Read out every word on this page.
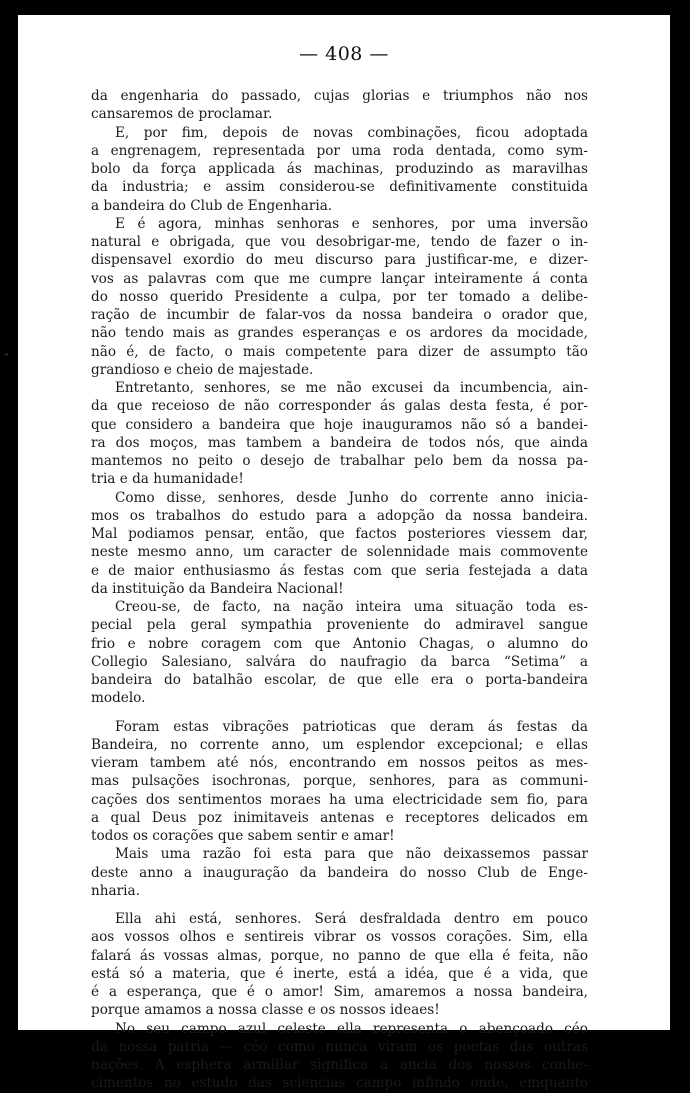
— 408 —
da engenharia do passado, cujas glorias e triumphos não nos
cansaremos de proclamar.
E, por fim, depois de novas combinações, ficou adoptada
a engrenagem, representada por uma roda dentada, como sym-
bolo da força applicada ás machinas, produzindo as maravilhas
da industria; e assim considerou-se definitivamente constituida
a bandeira do Club de Engenharia.
E é agora, minhas senhoras e senhores, por uma inversão
natural e obrigada, que vou desobrigar-me, tendo de fazer o in-
dispensavel exordio do meu discurso para justificar-me, e dizer-
vos as palavras com que me cumpre lançar inteiramente á conta
do nosso querido Presidente a culpa, por ter tomado a delibe-
ração de incumbir de falar-vos da nossa bandeira o orador que,
não tendo mais as grandes esperanças e os ardores da mocidade,
não é, de facto, o mais competente para dizer de assumpto tão
grandioso e cheio de majestade.
Entretanto, senhores, se me não excusei da incumbencia, ain-
da que receioso de não corresponder ás galas desta festa, é por-
que considero a bandeira que hoje inauguramos não só a bandei-
ra dos moços, mas tambem a bandeira de todos nós, que ainda
mantemos no peito o desejo de trabalhar pelo bem da nossa pa-
tria e da humanidade!
Como disse, senhores, desde Junho do corrente anno inicia-
mos os trabalhos do estudo para a adopção da nossa bandeira.
Mal podiamos pensar, então, que factos posteriores viessem dar,
neste mesmo anno, um caracter de solennidade mais commovente
e de maior enthusiasmo ás festas com que seria festejada a data
da instituição da Bandeira Nacional!
Creou-se, de facto, na nação inteira uma situação toda es-
pecial pela geral sympathia proveniente do admiravel sangue
frio e nobre coragem com que Antonio Chagas, o alumno do
Collegio Salesiano, salvára do naufragio da barca “Setima” a
bandeira do batalhão escolar, de que elle era o porta-bandeira
modelo.
Foram estas vibrações patrioticas que deram ás festas da
Bandeira, no corrente anno, um esplendor excepcional; e ellas
vieram tambem até nós, encontrando em nossos peitos as mes-
mas pulsações isochronas, porque, senhores, para as communi-
cações dos sentimentos moraes ha uma electricidade sem fio, para
a qual Deus poz inimitaveis antenas e receptores delicados em
todos os corações que sabem sentir e amar!
Mais uma razão foi esta para que não deixassemos passar
deste anno a inauguração da bandeira do nosso Club de Enge-
nharia.
Ella ahi está, senhores. Será desfraldada dentro em pouco
aos vossos olhos e sentireis vibrar os vossos corações. Sim, ella
falará ás vossas almas, porque, no panno de que ella é feita, não
está só a materia, que é inerte, está a idéa, que é a vida, que
é a esperança, que é o amor! Sim, amaremos a nossa bandeira,
porque amamos a nossa classe e os nossos ideaes!
No seu campo azul celeste ella representa o abençoado céo
da nossa patria — céo como nunca viram os poetas das outras
nações. A esphera armillar significa a ancia dos nossos conhe-
cimentos no estudo das sciencias campo infindo onde, emquanto
